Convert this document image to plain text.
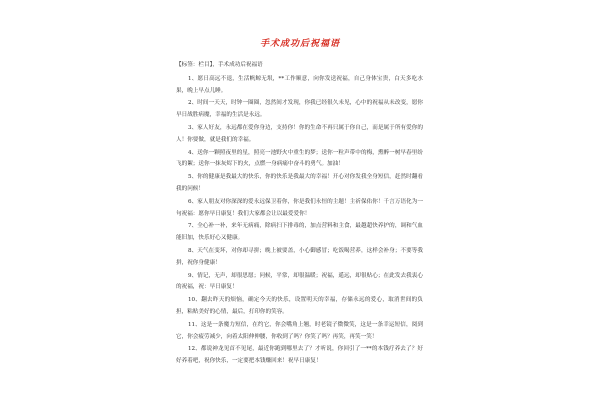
手术成功后祝福语
【标签：栏目】，手术成功后祝福语

1、愿日高远不退，生活帆鲸无垠，**工作顺意，向你发送祝福，自己身体宝贵，白天多吃水果，晚上早点儿睡。

2、时间一天天，时钟一圈圈，忽然间才发现，你我已经很久未见，心中的祝福从未改变，愿你早日战胜病魔，幸福的生活是永远。

3、家人好友，永远都在爱你身边，支持你！你的生命不再只属于你自己，而是属于所有爱你的人！你要做，就是我们的幸福。

4、送你一颗照夜里的星，照亮一池野火中重生的梦；送你一粒声带中的梅，熏醉一树早春里纷飞的絮；送你一抹灰烬下的火，点燃一身病痛中奋斗的勇气。加油！

5、你的健康是我最大的快乐，你的快乐是我最大的幸福！开心对你发我全身短信，赶然时翻看我的问候！

6、家人朋友对你深深的爱永远保卫着你，你是我们永恒的主题！主祈保佑你！千言万语化为一句祝福：愿你早日康复！我们大家都会让以最爱爱你！

7、全心补一补，来年无病痛，除病扫下排毒的，加点营料和主食，最越超快养护的，调和气血能旧加，快乐好心又健康。

8、天气在变坏，对你却寻拼；晚上被要盖，小心御感冒；吃饭喝营养，这样会补身；不要等我拼，祝你身健康！

9、情记，无声，却很思愿；问候，平常，却很温暖；祝福，遥远，却很贴心；在此发去我衷心的祝福，祝：早日康复！

10、翻去昨天的烦恼，确定今天的快乐，设置明天的幸福，存储永远的爱心，取消世间的负担，粘贴美好的心情，最后，打印你的笑容。

11、这是一条魔力短信，在约它，你会嘴角上翘，时老镜子微微笑，这是一条幸运短信，阅到它，你会疲劳减少，向着太阳伸伸腰，你收到了吗？你笑了吗？再笑，再笑一笑！

12、都说神龙见首不见尾，最近你跑到哪里去了？才听说，你回引了一**的本钱疗养去了？好好养着吧，祝你快乐，一定要把本钱赚回来！祝早日康复！
